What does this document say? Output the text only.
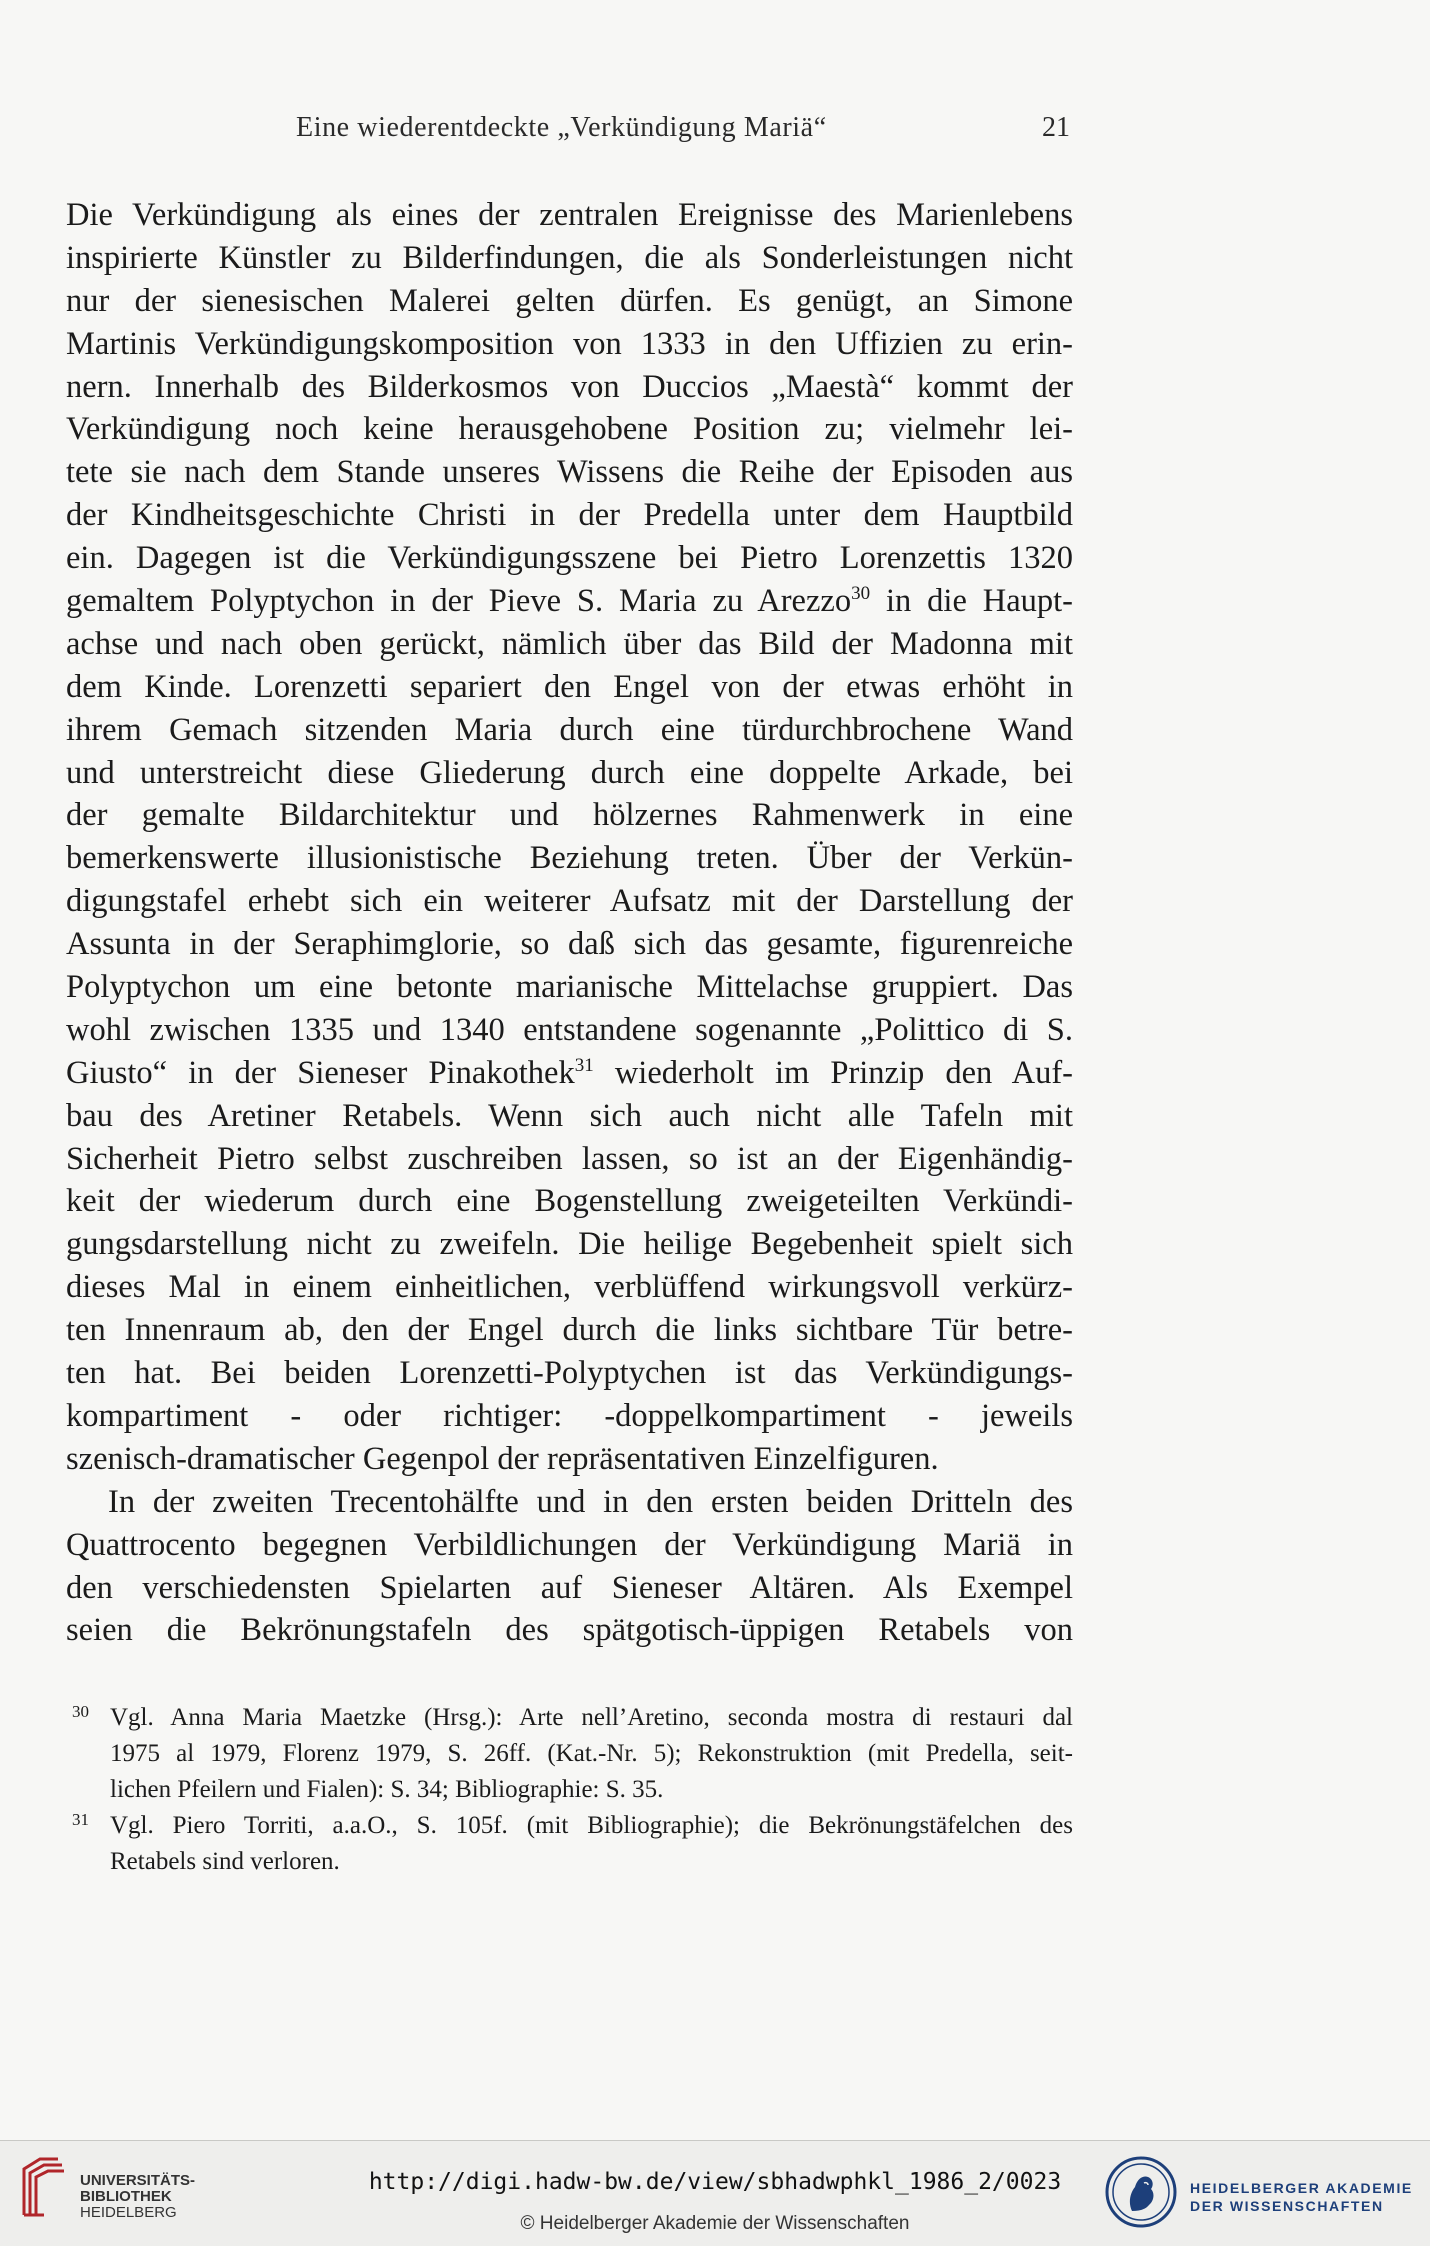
Eine wiederentdeckte „Verkündigung Mariä“	21
Die Verkündigung als eines der zentralen Ereignisse des Marienlebens
inspirierte Künstler zu Bilderfindungen, die als Sonderleistungen nicht
nur der sienesischen Malerei gelten dürfen. Es genügt, an Simone
Martinis Verkündigungskomposition von 1333 in den Uffizien zu erin-
nern. Innerhalb des Bilderkosmos von Duccios „Maestà“ kommt der
Verkündigung noch keine herausgehobene Position zu; vielmehr lei-
tete sie nach dem Stande unseres Wissens die Reihe der Episoden aus
der Kindheitsgeschichte Christi in der Predella unter dem Hauptbild
ein. Dagegen ist die Verkündigungsszene bei Pietro Lorenzettis 1320
gemaltem Polyptychon in der Pieve S. Maria zu Arezzo$^{30}$ in die Haupt-
achse und nach oben gerückt, nämlich über das Bild der Madonna mit
dem Kinde. Lorenzetti separiert den Engel von der etwas erhöht in
ihrem Gemach sitzenden Maria durch eine türdurchbrochene Wand
und unterstreicht diese Gliederung durch eine doppelte Arkade, bei
der gemalte Bildarchitektur und hölzernes Rahmenwerk in eine
bemerkenswerte illusionistische Beziehung treten. Über der Verkün-
digungstafel erhebt sich ein weiterer Aufsatz mit der Darstellung der
Assunta in der Seraphimglorie, so daß sich das gesamte, figurenreiche
Polyptychon um eine betonte marianische Mittelachse gruppiert. Das
wohl zwischen 1335 und 1340 entstandene sogenannte „Polittico di S.
Giusto“ in der Sieneser Pinakothek$^{31}$ wiederholt im Prinzip den Auf-
bau des Aretiner Retabels. Wenn sich auch nicht alle Tafeln mit
Sicherheit Pietro selbst zuschreiben lassen, so ist an der Eigenhändig-
keit der wiederum durch eine Bogenstellung zweigeteilten Verkündi-
gungsdarstellung nicht zu zweifeln. Die heilige Begebenheit spielt sich
dieses Mal in einem einheitlichen, verblüffend wirkungsvoll verkürz-
ten Innenraum ab, den der Engel durch die links sichtbare Tür betre-
ten hat. Bei beiden Lorenzetti-Polyptychen ist das Verkündigungs-
kompartiment - oder richtiger: -doppelkompartiment - jeweils
szenisch-dramatischer Gegenpol der repräsentativen Einzelfiguren.
In der zweiten Trecentohälfte und in den ersten beiden Dritteln des
Quattrocento begegnen Verbildlichungen der Verkündigung Mariä in
den verschiedensten Spielarten auf Sieneser Altären. Als Exempel
seien die Bekrönungstafeln des spätgotisch-üppigen Retabels von
30 Vgl. Anna Maria Maetzke (Hrsg.): Arte nell’Aretino, seconda mostra di restauri dal
1975 al 1979, Florenz 1979, S. 26ff. (Kat.-Nr. 5); Rekonstruktion (mit Predella, seit-
lichen Pfeilern und Fialen): S. 34; Bibliographie: S. 35.
31 Vgl. Piero Torriti, a.a.O., S. 105f. (mit Bibliographie); die Bekrönungstäfelchen des
Retabels sind verloren.
UNIVERSITÄTS-
BIBLIOTHEK
HEIDELBERG
http://digi.hadw-bw.de/view/sbhadwphkl_1986_2/0023
© Heidelberger Akademie der Wissenschaften
HEIDELBERGER AKADEMIE
DER WISSENSCHAFTEN
